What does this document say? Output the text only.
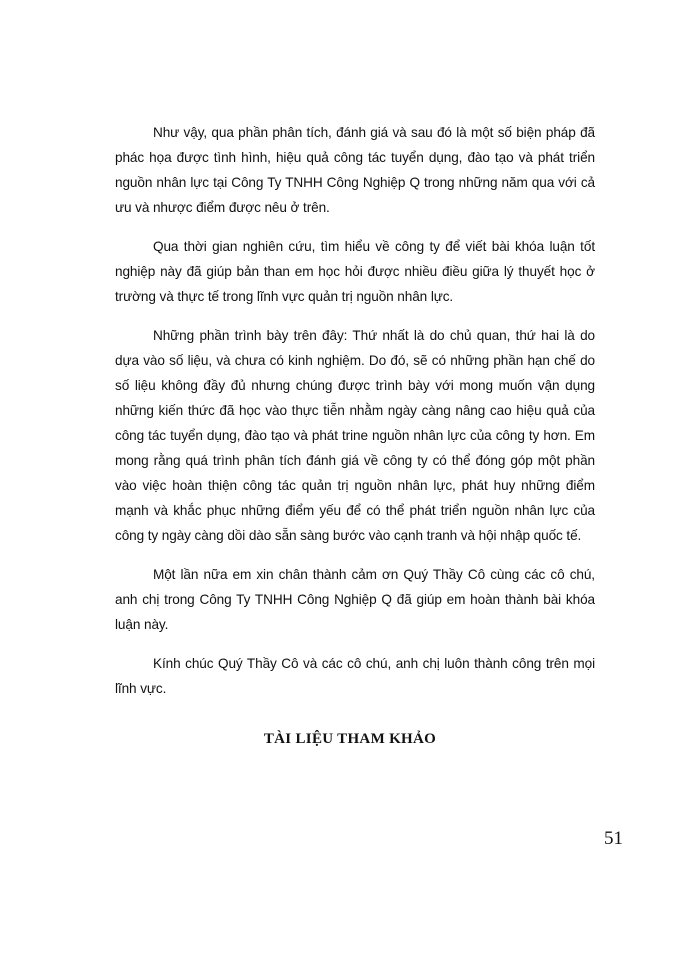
Như vậy, qua phần phân tích, đánh giá và sau đó là một số biện pháp đã phác họa được tình hình, hiệu quả công tác tuyển dụng, đào tạo và phát triển nguồn nhân lực tại Công Ty TNHH Công Nghiệp Q trong những năm qua với cả ưu và nhược điểm được nêu ở trên.

Qua thời gian nghiên cứu, tìm hiểu về công ty để viết bài khóa luận tốt nghiệp này đã giúp bản than em học hỏi được nhiều điều giữa lý thuyết học ở trường và thực tế trong lĩnh vực quản trị nguồn nhân lực.

Những phần trình bày trên đây: Thứ nhất là do chủ quan, thứ hai là do dựa vào số liệu, và chưa có kinh nghiệm. Do đó, sẽ có những phần hạn chế do số liệu không đầy đủ nhưng chúng được trình bày với mong muốn vận dụng những kiến thức đã học vào thực tiễn nhằm ngày càng nâng cao hiệu quả của công tác tuyển dụng, đào tạo và phát trine nguồn nhân lực của công ty hơn. Em mong rằng quá trình phân tích đánh giá về công ty có thể đóng góp một phần vào việc hoàn thiện công tác quản trị nguồn nhân lực, phát huy những điểm mạnh và khắc phục những điểm yếu để có thể phát triển nguồn nhân lực của công ty ngày càng dồi dào sẵn sàng bước vào cạnh tranh và hội nhập quốc tế.

Một lần nữa em xin chân thành cảm ơn Quý Thầy Cô cùng các cô chú, anh chị trong Công Ty TNHH Công Nghiệp Q đã giúp em hoàn thành bài khóa luận này.

Kính chúc Quý Thầy Cô và các cô chú, anh chị luôn thành công trên mọi lĩnh vực.

TÀI LIỆU THAM KHẢO
51
